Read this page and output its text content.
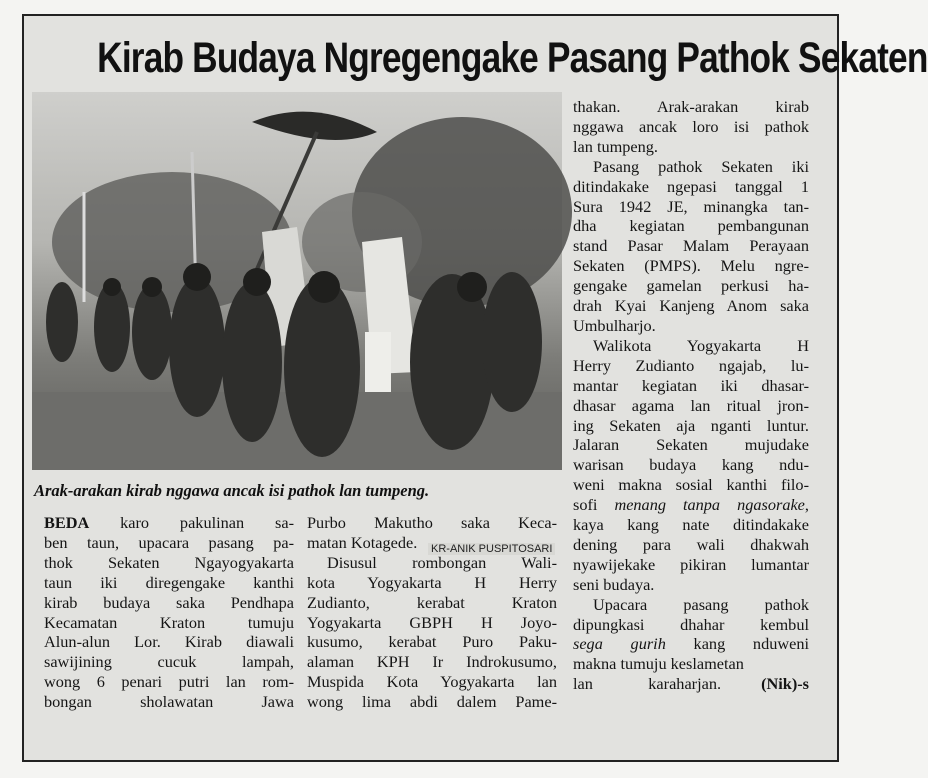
Kirab Budaya Ngregengake Pasang Pathok Sekaten
KR-ANIK PUSPITOSARI
Arak-arakan kirab nggawa ancak isi pathok lan tumpeng.
BEDA karo pakulinan sa-
ben taun, upacara pasang pa-
thok Sekaten Ngayogyakarta
taun iki diregengake kanthi
kirab budaya saka Pendhapa
Kecamatan Kraton tumuju
Alun-alun Lor. Kirab diawali
sawijining cucuk lampah,
wong 6 penari putri lan rom-
bongan sholawatan Jawa
Purbo Makutho saka Keca-
matan Kotagede.
Disusul rombongan Wali-
kota Yogyakarta H Herry
Zudianto, kerabat Kraton
Yogyakarta GBPH H Joyo-
kusumo, kerabat Puro Paku-
alaman KPH Ir Indrokusumo,
Muspida Kota Yogyakarta lan
wong lima abdi dalem Pame-
thakan. Arak-arakan kirab
nggawa ancak loro isi pathok
lan tumpeng.
Pasang pathok Sekaten iki
ditindakake ngepasi tanggal 1
Sura 1942 JE, minangka tan-
dha kegiatan pembangunan
stand Pasar Malam Perayaan
Sekaten (PMPS). Melu ngre-
gengake gamelan perkusi ha-
drah Kyai Kanjeng Anom saka
Umbulharjo.
Walikota Yogyakarta H
Herry Zudianto ngajab, lu-
mantar kegiatan iki dhasar-
dhasar agama lan ritual jron-
ing Sekaten aja nganti luntur.
Jalaran Sekaten mujudake
warisan budaya kang ndu-
weni makna sosial kanthi filo-
sofi menang tanpa ngasorake,
kaya kang nate ditindakake
dening para wali dhakwah
nyawijekake pikiran lumantar
seni budaya.
Upacara pasang pathok
dipungkasi dhahar kembul
sega gurih kang nduweni
makna tumuju keslametan
lan karaharjan. (Nik)-s
